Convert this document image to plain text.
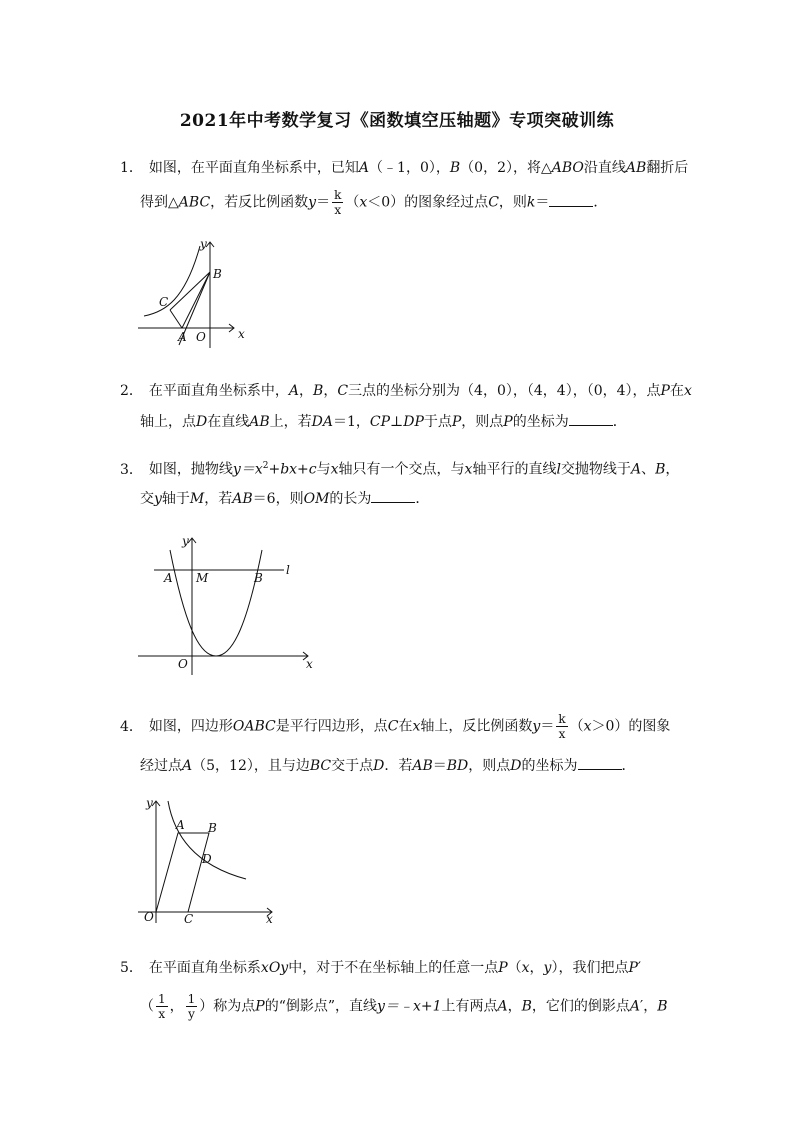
2021年中考数学复习《函数填空压轴题》专项突破训练
1． 如图，在平面直角坐标系中，已知A（﹣1，0），B（0，2），将△ABO沿直线AB翻折后
得到△ABC，若反比例函数$y= \frac{k}{x} (x<0)$的图象经过点C，则k＝	．
y
x
B
C
A O
2． 在平面直角坐标系中，A，B，C三点的坐标分别为（4，0），（4，4），（0，4），点P在x
轴上，点D在直线AB上，若DA＝1，CP⊥DP于点P，则点P的坐标为	．
3． 如图，抛物线$y=x^2+bx+c$与x轴只有一个交点，与x轴平行的直线l交抛物线于A、B，
交y轴于M，若AB＝6，则OM的长为	．
y
A M	B
l
O	x
4． 如图，四边形OABC是平行四边形，点C在x轴上，反比例函数$y= \frac{k}{x} (x>0)$的图象
经过点A（5，12），且与边BC交于点D．若AB＝BD，则点D的坐标为	．
y
A B
D
O	C	x
5． 在平面直角坐标系xOy中，对于不在坐标轴上的任意一点P（x，y），我们把点P′
（ $\frac{1}{x}$ ， $\frac{1}{y}$ ）称为点P的“倒影点”，直线y＝﹣x+1上有两点A，B，它们的倒影点A′，B
